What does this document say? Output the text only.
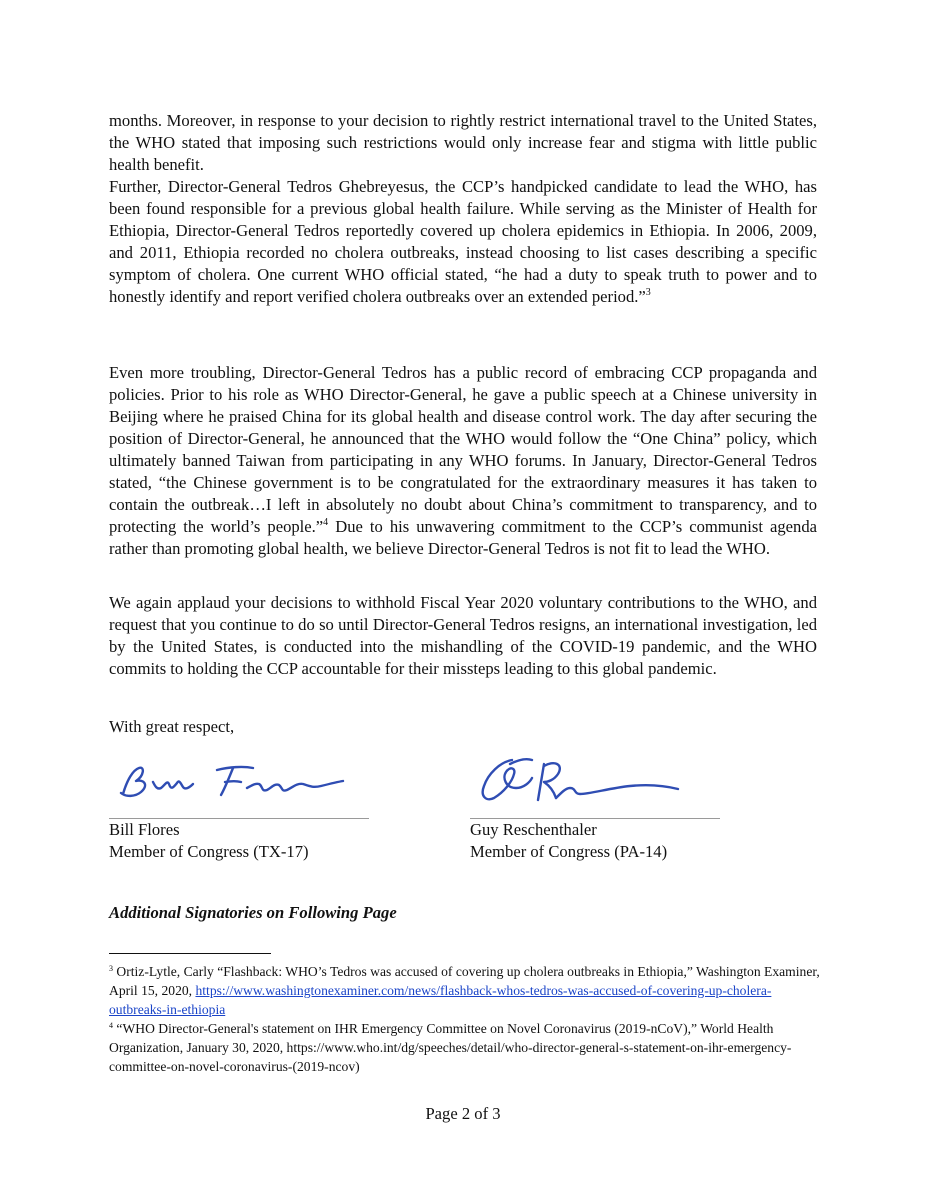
months. Moreover, in response to your decision to rightly restrict international travel to the United States, the WHO stated that imposing such restrictions would only increase fear and stigma with little public health benefit.

Further, Director-General Tedros Ghebreyesus, the CCP’s handpicked candidate to lead the WHO, has been found responsible for a previous global health failure. While serving as the Minister of Health for Ethiopia, Director-General Tedros reportedly covered up cholera epidemics in Ethiopia. In 2006, 2009, and 2011, Ethiopia recorded no cholera outbreaks, instead choosing to list cases describing a specific symptom of cholera. One current WHO official stated, “he had a duty to speak truth to power and to honestly identify and report verified cholera outbreaks over an extended period.”$^3$

Even more troubling, Director-General Tedros has a public record of embracing CCP propaganda and policies. Prior to his role as WHO Director-General, he gave a public speech at a Chinese university in Beijing where he praised China for its global health and disease control work. The day after securing the position of Director-General, he announced that the WHO would follow the “One China” policy, which ultimately banned Taiwan from participating in any WHO forums. In January, Director-General Tedros stated, “the Chinese government is to be congratulated for the extraordinary measures it has taken to contain the outbreak…I left in absolutely no doubt about China’s commitment to transparency, and to protecting the world’s people.”$^4$ Due to his unwavering commitment to the CCP’s communist agenda rather than promoting global health, we believe Director-General Tedros is not fit to lead the WHO.

We again applaud your decisions to withhold Fiscal Year 2020 voluntary contributions to the WHO, and request that you continue to do so until Director-General Tedros resigns, an international investigation, led by the United States, is conducted into the mishandling of the COVID-19 pandemic, and the WHO commits to holding the CCP accountable for their missteps leading to this global pandemic.

With great respect,

Bill Flores
Member of Congress (TX-17)
Guy Reschenthaler
Member of Congress (PA-14)

Additional Signatories on Following Page

$^3$ Ortiz-Lytle, Carly “Flashback: WHO’s Tedros was accused of covering up cholera outbreaks in Ethiopia,” Washington Examiner, April 15, 2020, https://www.washingtonexaminer.com/news/flashback-whos-tedros-was-accused-of-covering-up-cholera-outbreaks-in-ethiopia

$^4$ “WHO Director-General's statement on IHR Emergency Committee on Novel Coronavirus (2019-nCoV),” World Health Organization, January 30, 2020, https://www.who.int/dg/speeches/detail/who-director-general-s-statement-on-ihr-emergency-committee-on-novel-coronavirus-(2019-ncov)

Page 2 of 3
